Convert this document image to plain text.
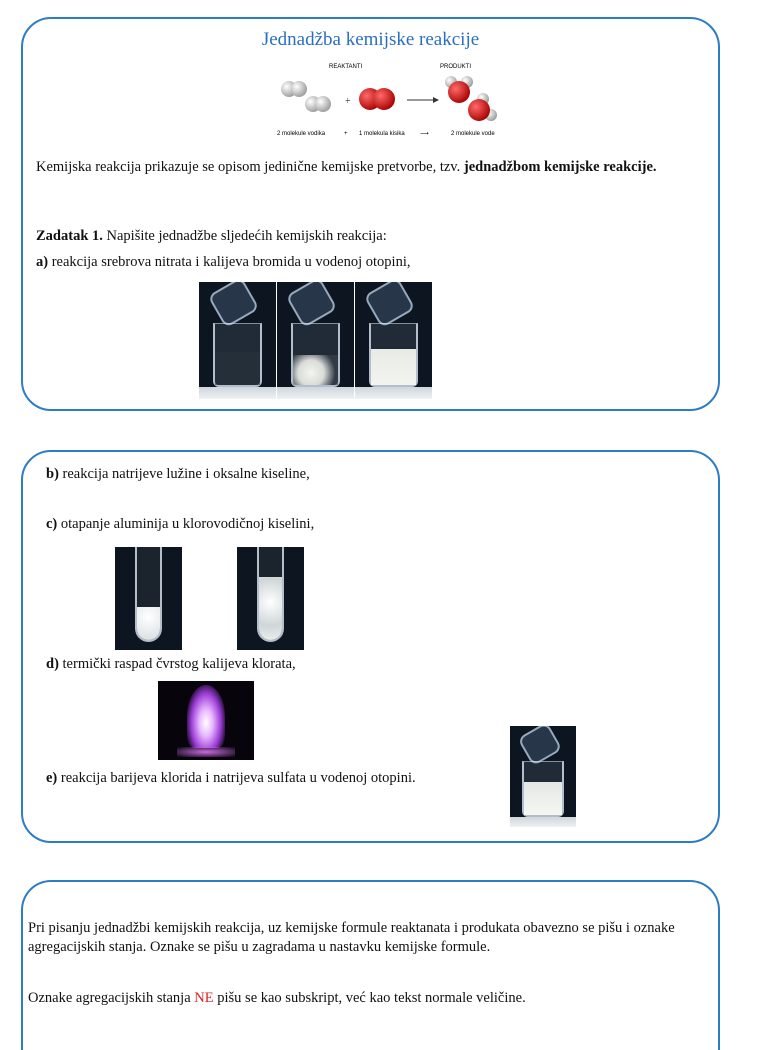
Jednadžba kemijske reakcije
REAKTANTI	PRODUKTI
+
2 molekule vodika	+ 1 molekula kisika	⟶	2 molekule vode
Kemijska reakcija prikazuje se opisom jedinične kemijske pretvorbe, tzv. jednadžbom kemijske reakcije.
Zadatak 1. Napišite jednadžbe sljedećih kemijskih reakcija:
a) reakcija srebrova nitrata i kalijeva bromida u vodenoj otopini,
b) reakcija natrijeve lužine i oksalne kiseline,
c) otapanje aluminija u klorovodičnoj kiselini,
d) termički raspad čvrstog kalijeva klorata,
e) reakcija barijeva klorida i natrijeva sulfata u vodenoj otopini.
Pri pisanju jednadžbi kemijskih reakcija, uz kemijske formule reaktanata i produkata obavezno se pišu i oznake agregacijskih stanja. Oznake se pišu u zagradama u nastavku kemijske formule.
Oznake agregacijskih stanja NE pišu se kao subskript, već kao tekst normale veličine.
